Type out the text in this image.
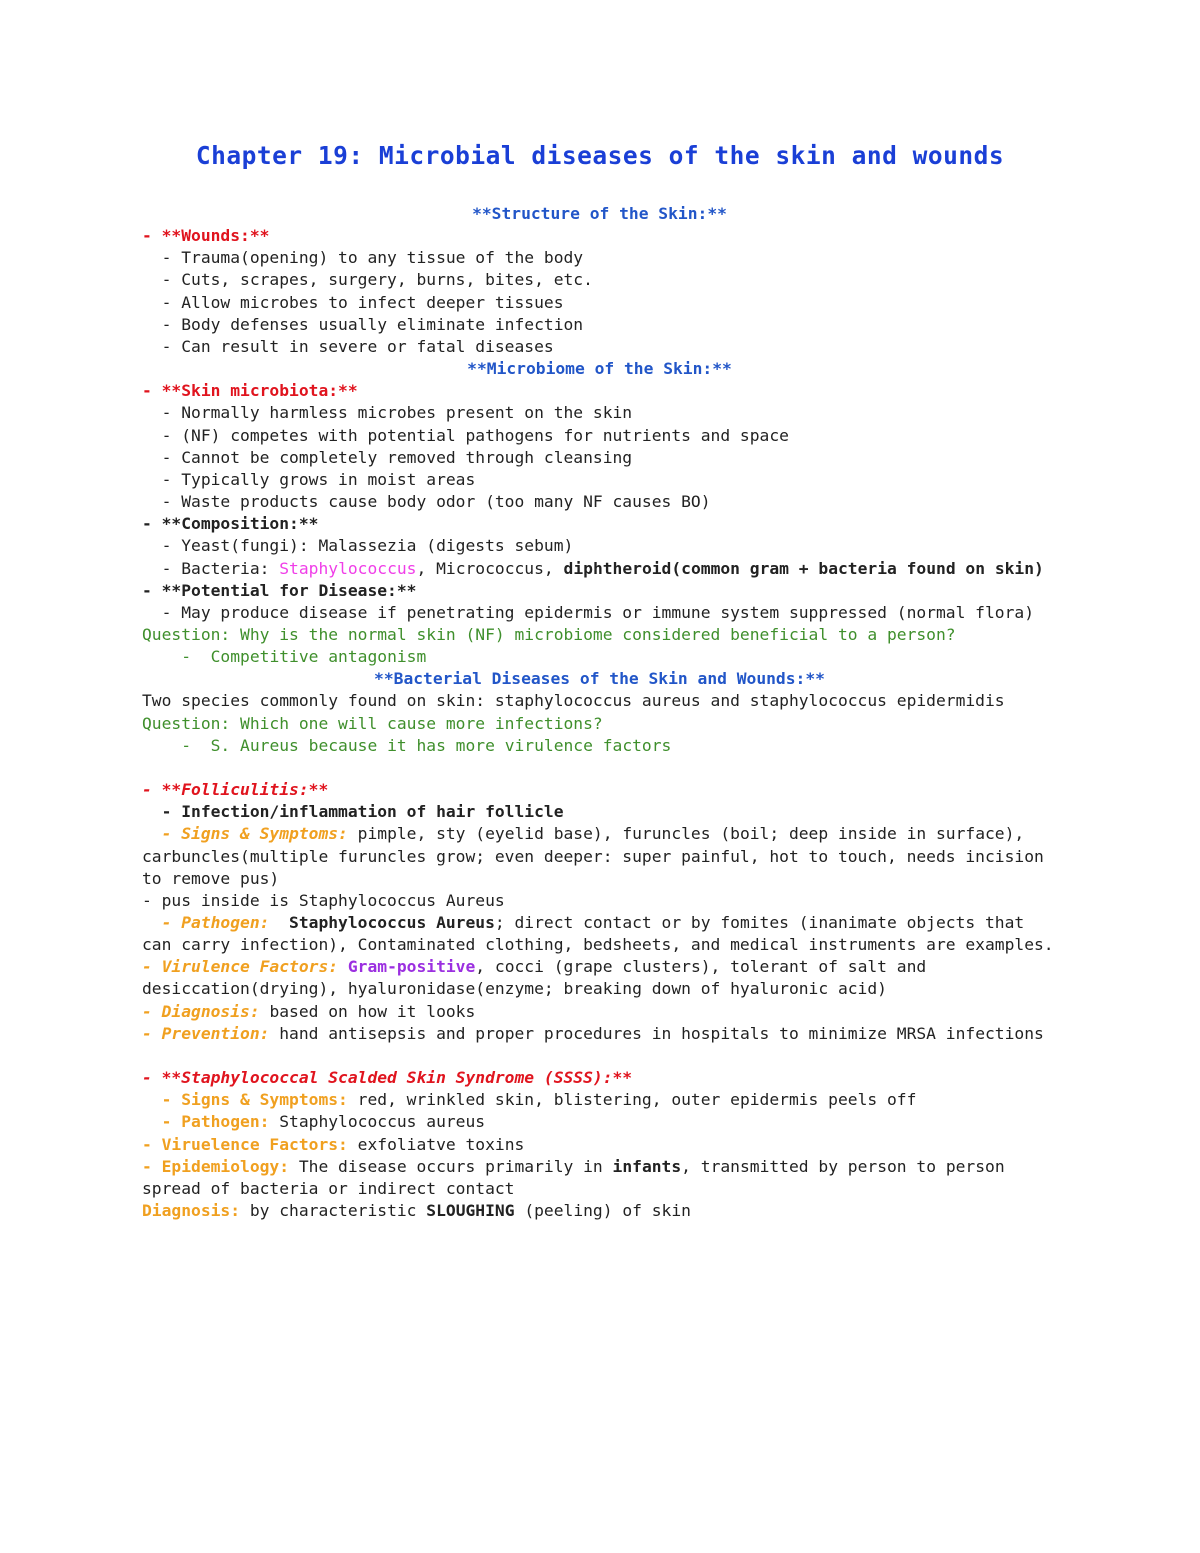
Chapter 19: Microbial diseases of the skin and wounds
**Structure of the Skin:**
- **Wounds:**
- Trauma(opening) to any tissue of the body
- Cuts, scrapes, surgery, burns, bites, etc.
- Allow microbes to infect deeper tissues
- Body defenses usually eliminate infection
- Can result in severe or fatal diseases
**Microbiome of the Skin:**
- **Skin microbiota:**
- Normally harmless microbes present on the skin
- (NF) competes with potential pathogens for nutrients and space
- Cannot be completely removed through cleansing
- Typically grows in moist areas
- Waste products cause body odor (too many NF causes BO)
- **Composition:**
- Yeast(fungi): Malassezia (digests sebum)
- Bacteria: Staphylococcus, Micrococcus, diphtheroid(common gram + bacteria found on skin)
- **Potential for Disease:**
- May produce disease if penetrating epidermis or immune system suppressed (normal flora)
Question: Why is the normal skin (NF) microbiome considered beneficial to a person?
-  Competitive antagonism
**Bacterial Diseases of the Skin and Wounds:**
Two species commonly found on skin: staphylococcus aureus and staphylococcus epidermidis
Question: Which one will cause more infections?
-  S. Aureus because it has more virulence factors
- **Folliculitis:**
- Infection/inflammation of hair follicle
- Signs & Symptoms: pimple, sty (eyelid base), furuncles (boil; deep inside in surface), carbuncles(multiple furuncles grow; even deeper: super painful, hot to touch, needs incision to remove pus)
- pus inside is Staphylococcus Aureus
- Pathogen:  Staphylococcus Aureus; direct contact or by fomites (inanimate objects that can carry infection), Contaminated clothing, bedsheets, and medical instruments are examples.
- Virulence Factors: Gram-positive, cocci (grape clusters), tolerant of salt and desiccation(drying), hyaluronidase(enzyme; breaking down of hyaluronic acid)
- Diagnosis: based on how it looks
- Prevention: hand antisepsis and proper procedures in hospitals to minimize MRSA infections
- **Staphylococcal Scalded Skin Syndrome (SSSS):**
- Signs & Symptoms: red, wrinkled skin, blistering, outer epidermis peels off
- Pathogen: Staphylococcus aureus
- Viruelence Factors: exfoliatve toxins
- Epidemiology: The disease occurs primarily in infants, transmitted by person to person spread of bacteria or indirect contact
Diagnosis: by characteristic SLOUGHING (peeling) of skin
